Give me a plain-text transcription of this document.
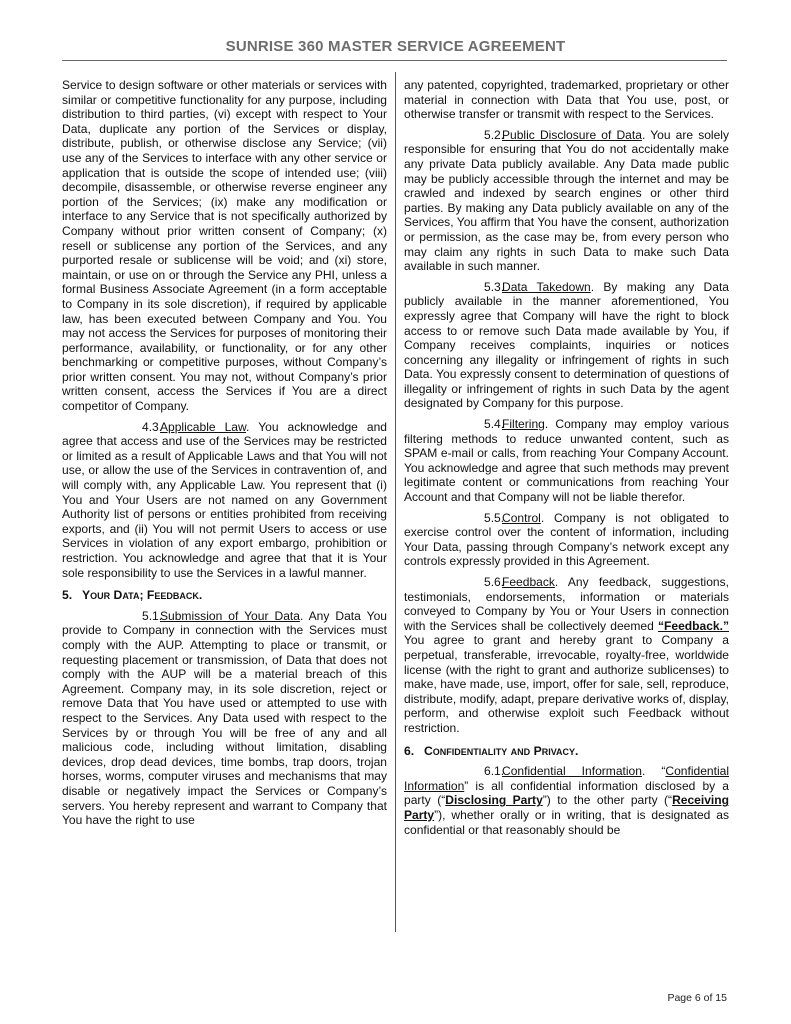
SUNRISE 360 MASTER SERVICE AGREEMENT

Service to design software or other materials or services with similar or competitive functionality for any purpose, including distribution to third parties, (vi) except with respect to Your Data, duplicate any portion of the Services or display, distribute, publish, or otherwise disclose any Service; (vii) use any of the Services to interface with any other service or application that is outside the scope of intended use; (viii) decompile, disassemble, or otherwise reverse engineer any portion of the Services; (ix) make any modification or interface to any Service that is not specifically authorized by Company without prior written consent of Company; (x) resell or sublicense any portion of the Services, and any purported resale or sublicense will be void; and (xi) store, maintain, or use on or through the Service any PHI, unless a formal Business Associate Agreement (in a form acceptable to Company in its sole discretion), if required by applicable law, has been executed between Company and You. You may not access the Services for purposes of monitoring their performance, availability, or functionality, or for any other benchmarking or competitive purposes, without Company’s prior written consent. You may not, without Company’s prior written consent, access the Services if You are a direct competitor of Company.

4.3.Applicable Law. You acknowledge and agree that access and use of the Services may be restricted or limited as a result of Applicable Laws and that You will not use, or allow the use of the Services in contravention of, and will comply with, any Applicable Law. You represent that (i) You and Your Users are not named on any Government Authority list of persons or entities prohibited from receiving exports, and (ii) You will not permit Users to access or use Services in violation of any export embargo, prohibition or restriction. You acknowledge and agree that that it is Your sole responsibility to use the Services in a lawful manner.

5. Your Data; Feedback.

5.1.Submission of Your Data. Any Data You provide to Company in connection with the Services must comply with the AUP. Attempting to place or transmit, or requesting placement or transmission, of Data that does not comply with the AUP will be a material breach of this Agreement. Company may, in its sole discretion, reject or remove Data that You have used or attempted to use with respect to the Services. Any Data used with respect to the Services by or through You will be free of any and all malicious code, including without limitation, disabling devices, drop dead devices, time bombs, trap doors, trojan horses, worms, computer viruses and mechanisms that may disable or negatively impact the Services or Company’s servers. You hereby represent and warrant to Company that You have the right to use

any patented, copyrighted, trademarked, proprietary or other material in connection with Data that You use, post, or otherwise transfer or transmit with respect to the Services.

5.2.Public Disclosure of Data. You are solely responsible for ensuring that You do not accidentally make any private Data publicly available. Any Data made public may be publicly accessible through the internet and may be crawled and indexed by search engines or other third parties. By making any Data publicly available on any of the Services, You affirm that You have the consent, authorization or permission, as the case may be, from every person who may claim any rights in such Data to make such Data available in such manner.

5.3.Data Takedown. By making any Data publicly available in the manner aforementioned, You expressly agree that Company will have the right to block access to or remove such Data made available by You, if Company receives complaints, inquiries or notices concerning any illegality or infringement of rights in such Data. You expressly consent to determination of questions of illegality or infringement of rights in such Data by the agent designated by Company for this purpose.

5.4.Filtering. Company may employ various filtering methods to reduce unwanted content, such as SPAM e-mail or calls, from reaching Your Company Account. You acknowledge and agree that such methods may prevent legitimate content or communications from reaching Your Account and that Company will not be liable therefor.

5.5.Control. Company is not obligated to exercise control over the content of information, including Your Data, passing through Company’s network except any controls expressly provided in this Agreement.

5.6.Feedback. Any feedback, suggestions, testimonials, endorsements, information or materials conveyed to Company by You or Your Users in connection with the Services shall be collectively deemed “Feedback.” You agree to grant and hereby grant to Company a perpetual, transferable, irrevocable, royalty-free, worldwide license (with the right to grant and authorize sublicenses) to make, have made, use, import, offer for sale, sell, reproduce, distribute, modify, adapt, prepare derivative works of, display, perform, and otherwise exploit such Feedback without restriction.

6. Confidentiality and Privacy.

6.1.Confidential Information. “Confidential Information” is all confidential information disclosed by a party (“Disclosing Party”) to the other party (“Receiving Party”), whether orally or in writing, that is designated as confidential or that reasonably should be

Page 6 of 15
